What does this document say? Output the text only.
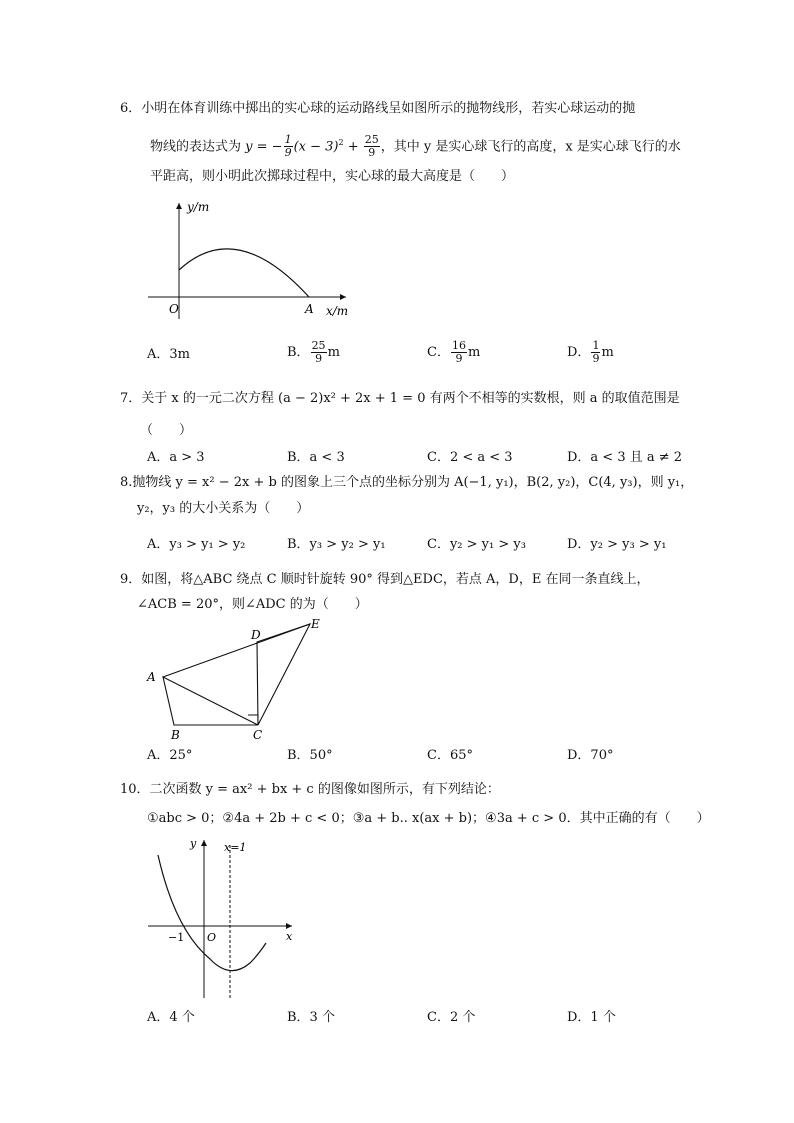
6．小明在体育训练中掷出的实心球的运动路线呈如图所示的抛物线形，若实心球运动的抛
物线的表达式为 y = − $\frac{1}{9} (x - 3)^2 + \frac{25}{9}$ ，其中 y 是实心球飞行的高度，x 是实心球飞行的水
平距高，则小明此次掷球过程中，实心球的最大高度是（　　）
y/m
x/m
O	A
A．3m	B． $\frac{25}{9}$ m	C． $\frac{16}{9}$ m	D． $\frac{1}{9}$ m
7．关于 x 的一元二次方程 (a − 2)x² + 2x + 1 = 0 有两个不相等的实数根，则 a 的取值范围是
（　　）
A．a > 3	B．a < 3	C．2 < a < 3	D．a < 3 且 a ≠ 2
8.抛物线 y = x² − 2x + b 的图象上三个点的坐标分别为 A(−1, y₁)，B(2, y₂)，C(4, y₃)，则 y₁，
y₂，y₃ 的大小关系为（　　）
A．y₃ > y₁ > y₂	B．y₃ > y₂ > y₁	C．y₂ > y₁ > y₃	D．y₂ > y₃ > y₁
9．如图，将△ABC 绕点 C 顺时针旋转 90° 得到△EDC，若点 A，D，E 在同一条直线上，
∠ACB = 20°，则∠ADC 的为（　　）
A
B	C
D
E
A．25°	B．50°	C．65°	D．70°
10．二次函数 y = ax² + bx + c 的图像如图所示，有下列结论：
①abc > 0；②4a + 2b + c < 0；③a + b.. x(ax + b)；④3a + c > 0．其中正确的有（　　）
y
x
O
−1
x=1
A．4 个	B．3 个	C．2 个	D．1 个
